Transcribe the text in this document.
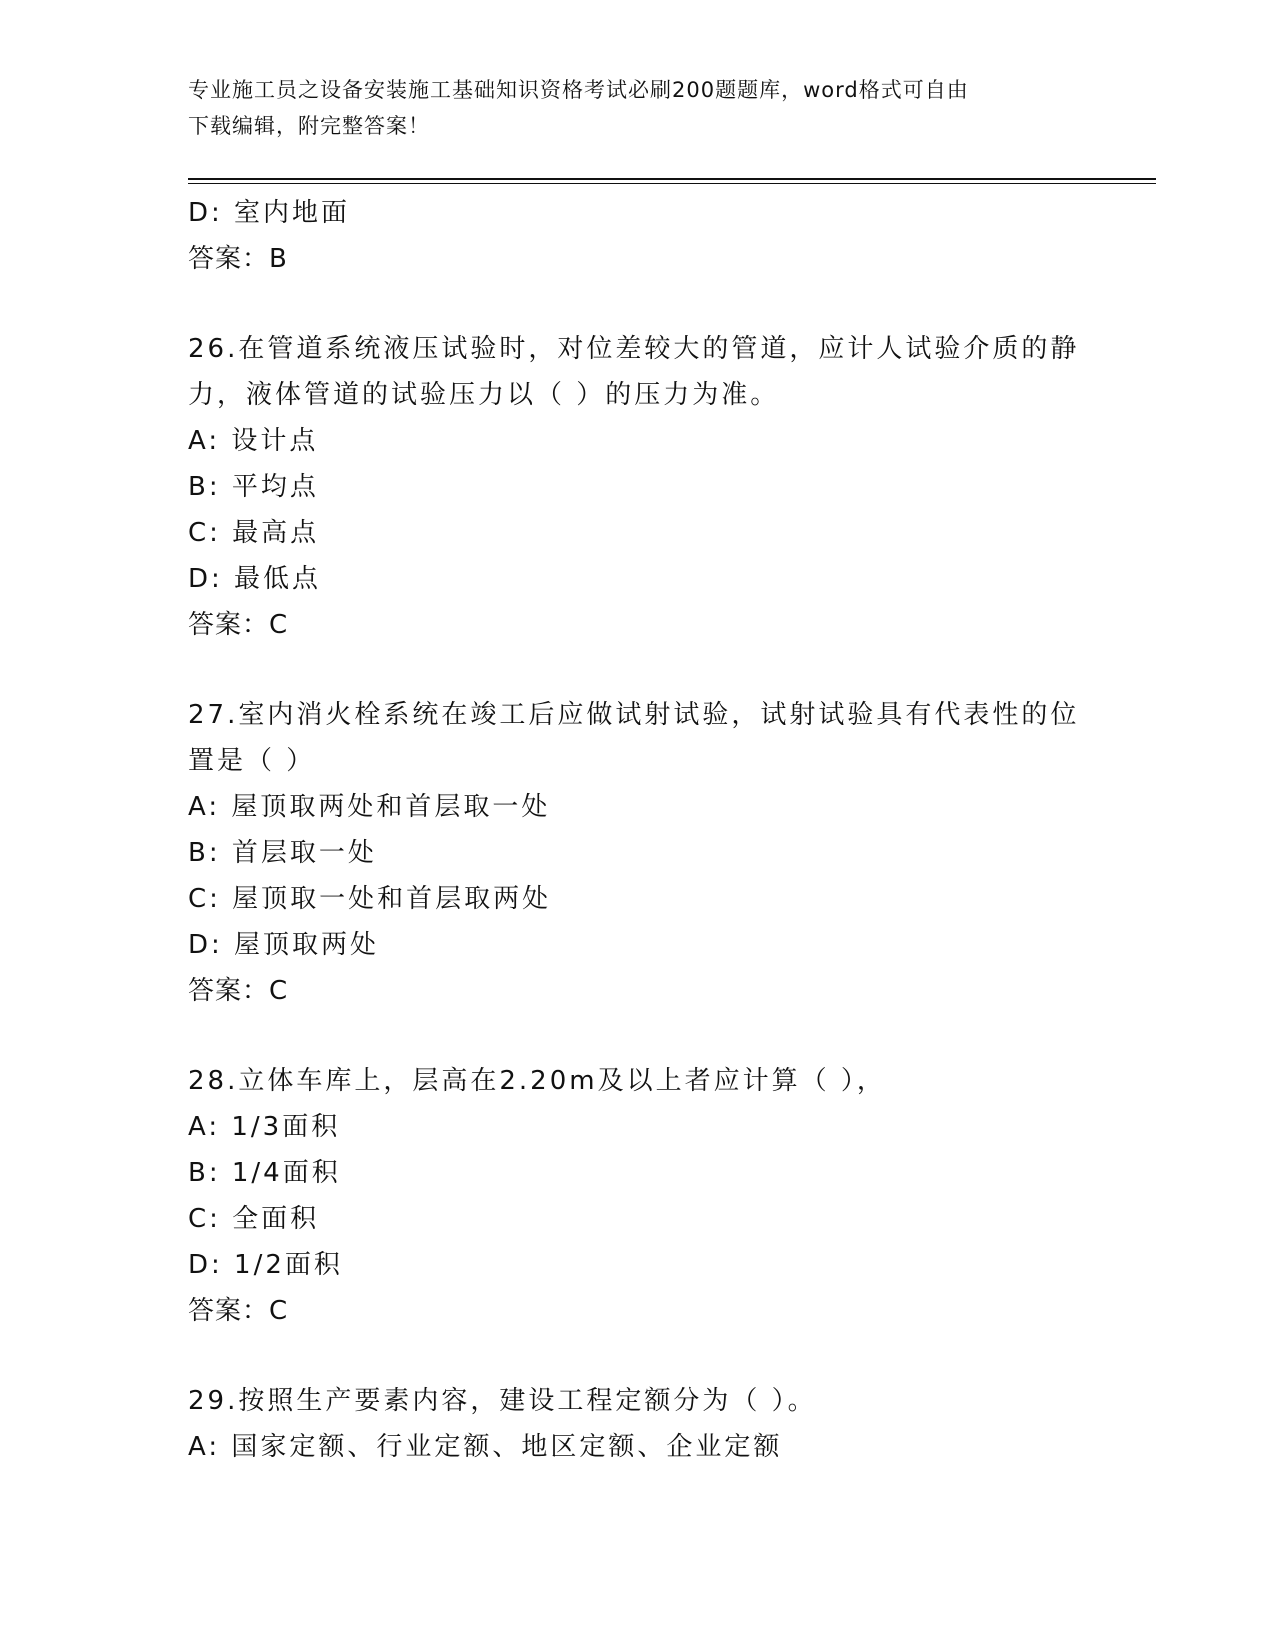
专业施工员之设备安装施工基础知识资格考试必刷200题题库，word格式可自由
下载编辑，附完整答案！
D: 室内地面
答案：B
26.在管道系统液压试验时，对位差较大的管道，应计人试验介质的静
力，液体管道的试验压力以（ ）的压力为准。
A: 设计点
B: 平均点
C: 最高点
D: 最低点
答案：C
27.室内消火栓系统在竣工后应做试射试验，试射试验具有代表性的位
置是（ ）
A: 屋顶取两处和首层取一处
B: 首层取一处
C: 屋顶取一处和首层取两处
D: 屋顶取两处
答案：C
28.立体车库上，层高在2.20m及以上者应计算（ ），
A: 1/3面积
B: 1/4面积
C: 全面积
D: 1/2面积
答案：C
29.按照生产要素内容，建设工程定额分为（ ）。
A: 国家定额、行业定额、地区定额、企业定额
